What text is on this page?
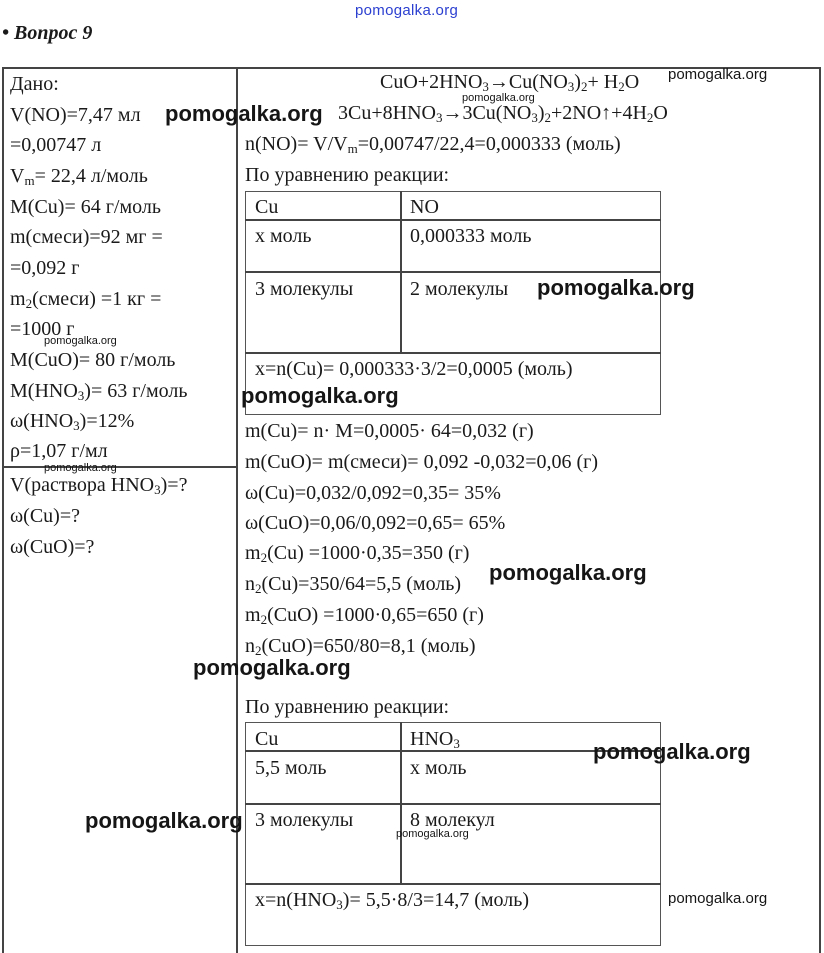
pomogalka.org
• Вопрос 9
Дано:
V(NO)=7,47 мл
=0,00747 л
$V_m= 22,4$ л/моль
M(Cu)= 64 г/моль
m(смеси)=92 мг =
=0,092 г
$m_2(смеси) =1$ кг =
=1000 г
M(CuO)= 80 г/моль
$M(HNO_3)= 63$ г/моль
$\omega(HNO_3)=12\%$
ρ=1,07 г/мл
V(раствора $HNO_3)=$?
ω(Cu)=?
ω(CuO)=?
$CuO+2HNO_3\to Cu(NO_3)_2+ H_2O$
$3Cu+8HNO_3\to 3Cu(NO_3)_2+2NO↑+4H_2O$
$n(NO)= V/V_m=0,00747/22,4=0,000333$ (моль)
По уравнению реакции:
Cu	NO
х моль	0,000333 моль
3 молекулы	2 молекулы
x=n(Cu)= 0,000333·3/2=0,0005 (моль)
m(Cu)= n· M=0,0005· 64=0,032 (г)
m(CuO)= m(смеси)= 0,092 -0,032=0,06 (г)
ω(Cu)=0,032/0,092=0,35= 35%
ω(CuO)=0,06/0,092=0,65= 65%
$m_2(Cu) =1000\cdot 0,35=350$ (г)
$n_2(Cu)=350/64=5,5$ (моль)
$m_2(CuO) =1000\cdot 0,65=650$ (г)
$n_2(CuO)=650/80=8,1$ (моль)
По уравнению реакции:
Cu	$HNO_3$
5,5 моль	х моль
3 молекулы	8 молекул
$x=n(HNO_3)= 5,5\cdot 8/3=14,7$ (моль)
pomogalka.org
pomogalka.org
pomogalka.org
pomogalka.org
pomogalka.org
pomogalka.org
pomogalka.org
pomogalka.org
pomogalka.org
pomogalka.org
pomogalka.org
pomogalka.org
pomogalka.org
